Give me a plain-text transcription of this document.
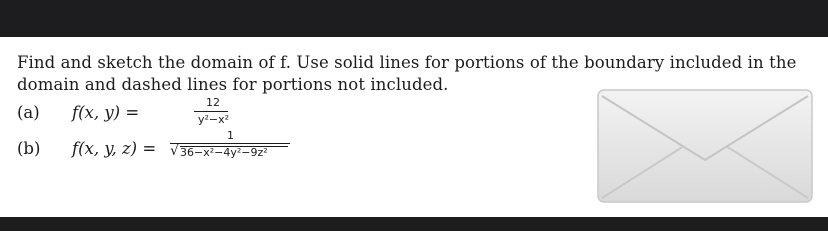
Find and sketch the domain of f. Use solid lines for portions of the boundary included in the
domain and dashed lines for portions not included.
(a) f(x, y) =
12
y²−x²
(b) f(x, y, z) =
1
√ 36−x²−4y²−9z²
